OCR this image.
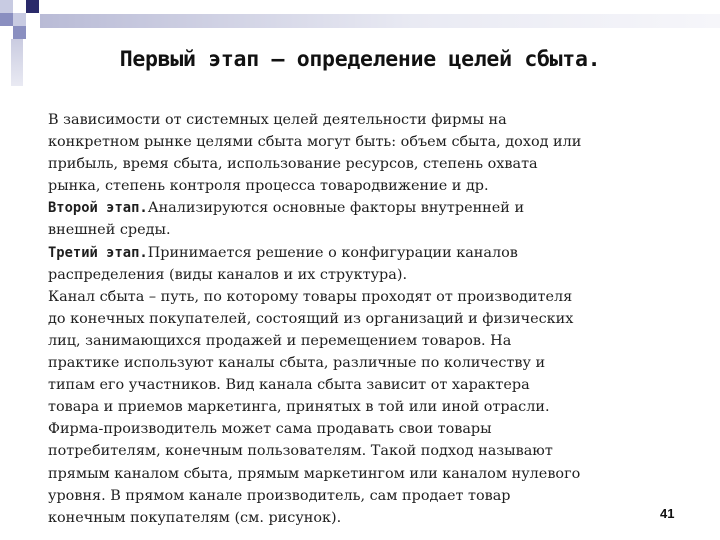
Первый этап – определение целей сбыта.
В зависимости от системных целей деятельности фирмы на
конкретном рынке целями сбыта могут быть: объем сбыта, доход или
прибыль, время сбыта, использование ресурсов, степень охвата
рынка, степень контроля процесса товародвижение и др.
Второй этап.Анализируются основные факторы внутренней и
внешней среды.
Третий этап.Принимается решение о конфигурации каналов
распределения (виды каналов и их структура).
Канал сбыта – путь, по которому товары проходят от производителя
до конечных покупателей, состоящий из организаций и физических
лиц, занимающихся продажей и перемещением товаров. На
практике используют каналы сбыта, различные по количеству и
типам его участников. Вид канала сбыта зависит от характера
товара и приемов маркетинга, принятых в той или иной отрасли.
Фирма-производитель может сама продавать свои товары
потребителям, конечным пользователям. Такой подход называют
прямым каналом сбыта, прямым маркетингом или каналом нулевого
уровня. В прямом канале производитель, сам продает товар
конечным покупателям (см. рисунок).	41
